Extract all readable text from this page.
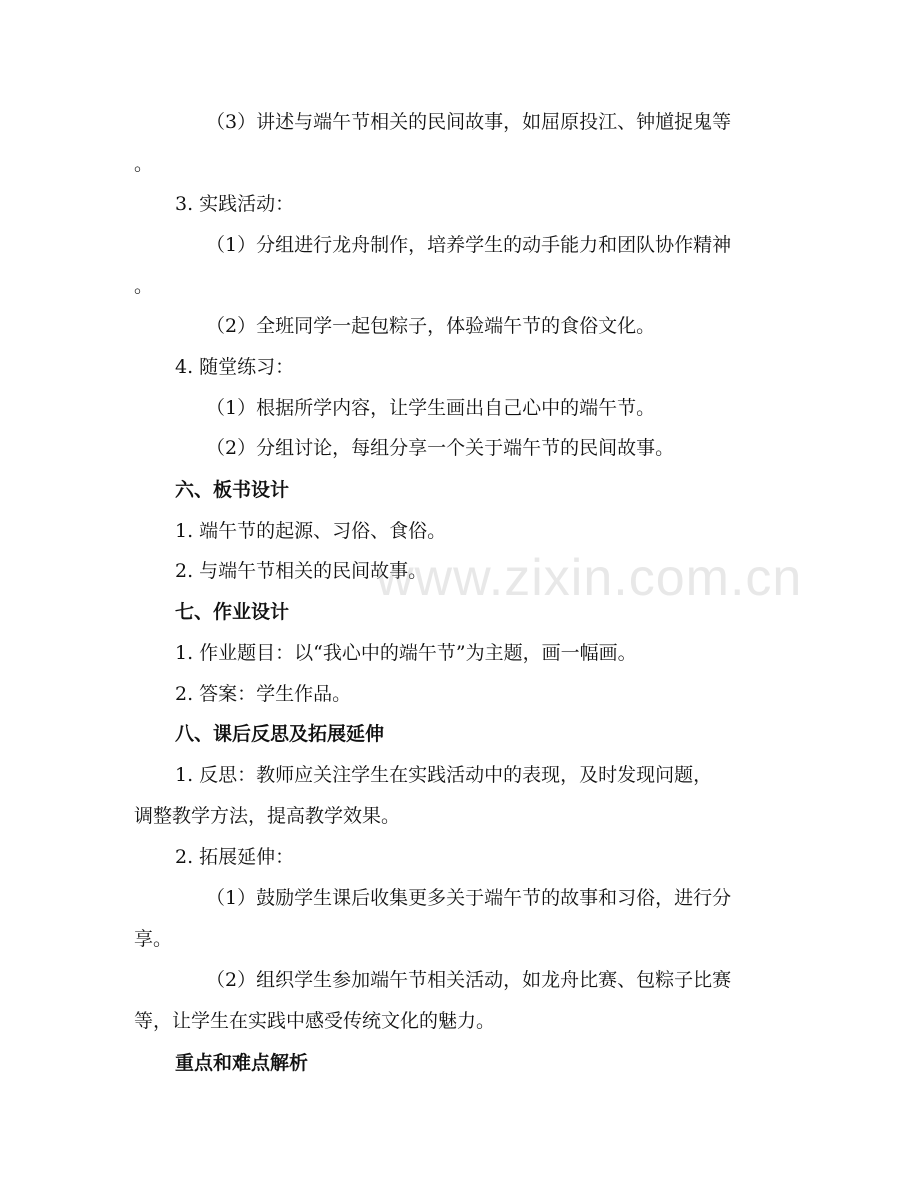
（3）讲述与端午节相关的民间故事，如屈原投江、钟馗捉鬼等
。
3. 实践活动：
（1）分组进行龙舟制作，培养学生的动手能力和团队协作精神
。
（2）全班同学一起包粽子，体验端午节的食俗文化。
4. 随堂练习：
（1）根据所学内容，让学生画出自己心中的端午节。
（2）分组讨论，每组分享一个关于端午节的民间故事。
六、板书设计
1. 端午节的起源、习俗、食俗。
2. 与端午节相关的民间故事。
七、作业设计
1. 作业题目：以“我心中的端午节”为主题，画一幅画。
2. 答案：学生作品。
八、课后反思及拓展延伸
1. 反思：教师应关注学生在实践活动中的表现，及时发现问题，
调整教学方法，提高教学效果。
2. 拓展延伸：
（1）鼓励学生课后收集更多关于端午节的故事和习俗，进行分
享。
（2）组织学生参加端午节相关活动，如龙舟比赛、包粽子比赛
等，让学生在实践中感受传统文化的魅力。
重点和难点解析
www.zixin.com.cn
